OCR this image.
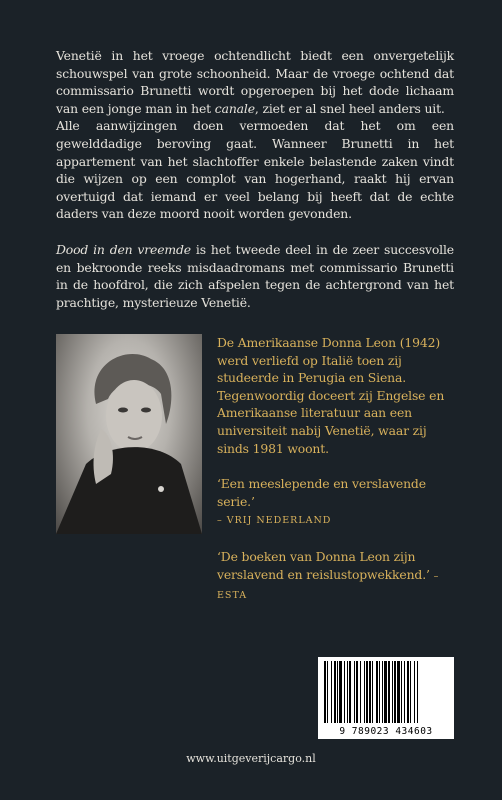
Venetië in het vroege ochtendlicht biedt een onvergetelijk schouwspel van grote schoonheid. Maar de vroege ochtend dat commissario Brunetti wordt opgeroepen bij het dode lichaam van een jonge man in het canale, ziet er al snel heel anders uit.

Alle aanwijzingen doen vermoeden dat het om een gewelddadige beroving gaat. Wanneer Brunetti in het appartement van het slachtoffer enkele belastende zaken vindt die wijzen op een complot van hogerhand, raakt hij ervan overtuigd dat iemand er veel belang bij heeft dat de echte daders van deze moord nooit worden gevonden.

Dood in den vreemde is het tweede deel in de zeer succesvolle en bekroonde reeks misdaadromans met commissario Brunetti in de hoofdrol, die zich afspelen tegen de achtergrond van het prachtige, mysterieuze Venetië.

De Amerikaanse Donna Leon (1942) werd verliefd op Italië toen zij studeerde in Perugia en Siena. Tegenwoordig doceert zij Engelse en Amerikaanse literatuur aan een universiteit nabij Venetië, waar zij sinds 1981 woont.

‘Een meeslepende en verslavende serie.’
– VRIJ NEDERLAND

‘De boeken van Donna Leon zijn verslavend en reislustopwekkend.’ – ESTA

9 789023 434603
www.uitgeverijcargo.nl
